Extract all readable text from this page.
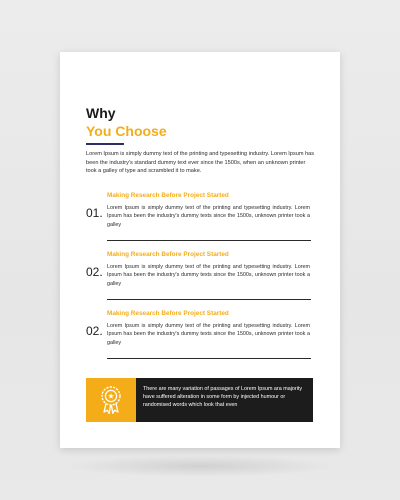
Why
You Choose
Lorem Ipsum is simply dummy text of the printing and typesetting industry. Lorem Ipsum has been the industry's standard dummy text ever since the 1500s, when an unknown printer took a galley of type and scrambled it to make.
Making Research Before Project Started
01. Lorem Ipsum is simply dummy text of the printing and typesetting industry. Lorem Ipsum has been the industry's dummy texts since the 1500s, unknown printer took a galley
Making Research Before Project Started
02. Lorem Ipsum is simply dummy text of the printing and typesetting industry. Lorem Ipsum has been the industry's dummy texts since the 1500s, unknown printer took a galley
Making Research Before Project Started
02. Lorem Ipsum is simply dummy text of the printing and typesetting industry. Lorem Ipsum has been the industry's dummy texts since the 1500s, unknown printer took a galley
There are many variation of passages of Lorem Ipsum ara majority have suffered alteration in some form by injected humour or randomised words which look that even
